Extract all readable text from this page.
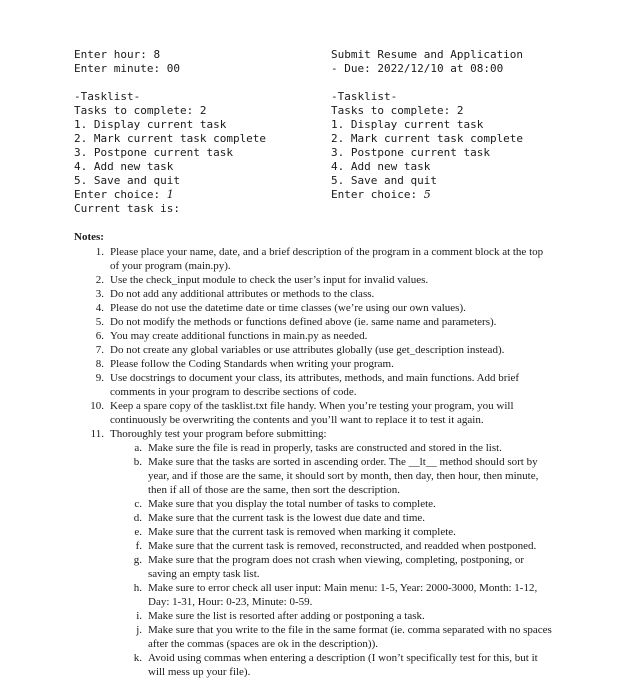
Enter hour: 8
Enter minute: 00
-Tasklist-
Tasks to complete: 2
1. Display current task
2. Mark current task complete
3. Postpone current task
4. Add new task
5. Save and quit
Enter choice: 1
Current task is:
Submit Resume and Application
- Due: 2022/12/10 at 08:00
-Tasklist-
Tasks to complete: 2
1. Display current task
2. Mark current task complete
3. Postpone current task
4. Add new task
5. Save and quit
Enter choice: 5
Notes:
1. Please place your name, date, and a brief description of the program in a comment block at the top of your program (main.py).
2. Use the check_input module to check the user’s input for invalid values.
3. Do not add any additional attributes or methods to the class.
4. Please do not use the datetime date or time classes (we’re using our own values).
5. Do not modify the methods or functions defined above (ie. same name and parameters).
6. You may create additional functions in main.py as needed.
7. Do not create any global variables or use attributes globally (use get_description instead).
8. Please follow the Coding Standards when writing your program.
9. Use docstrings to document your class, its attributes, methods, and main functions. Add brief comments in your program to describe sections of code.
10. Keep a spare copy of the tasklist.txt file handy. When you’re testing your program, you will continuously be overwriting the contents and you’ll want to replace it to test it again.
11. Thoroughly test your program before submitting:
a. Make sure the file is read in properly, tasks are constructed and stored in the list.
b. Make sure that the tasks are sorted in ascending order. The __lt__ method should sort by year, and if those are the same, it should sort by month, then day, then hour, then minute, then if all of those are the same, then sort the description.
c. Make sure that you display the total number of tasks to complete.
d. Make sure that the current task is the lowest due date and time.
e. Make sure that the current task is removed when marking it complete.
f. Make sure that the current task is removed, reconstructed, and readded when postponed.
g. Make sure that the program does not crash when viewing, completing, postponing, or saving an empty task list.
h. Make sure to error check all user input: Main menu: 1-5, Year: 2000-3000, Month: 1-12, Day: 1-31, Hour: 0-23, Minute: 0-59.
i. Make sure the list is resorted after adding or postponing a task.
j. Make sure that you write to the file in the same format (ie. comma separated with no spaces after the commas (spaces are ok in the description)).
k. Avoid using commas when entering a description (I won’t specifically test for this, but it will mess up your file).
